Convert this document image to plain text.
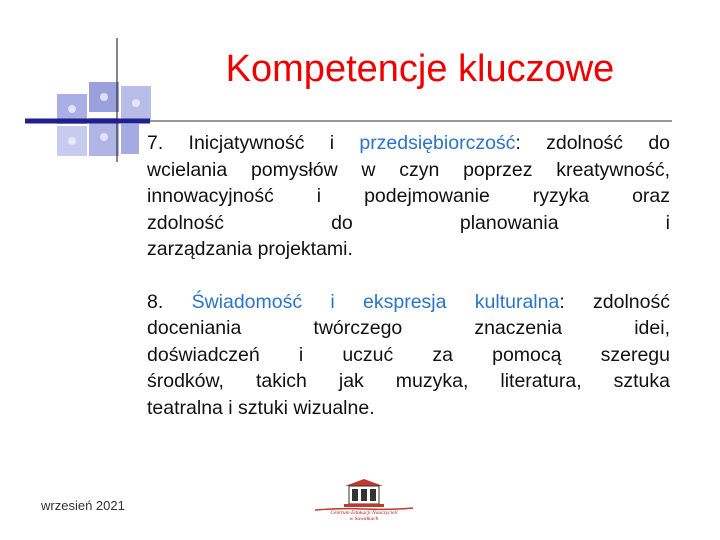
Kompetencje kluczowe

7. Inicjatywność i przedsiębiorczość: zdolność do
wcielania pomysłów w czyn poprzez kreatywność,
innowacyjność i podejmowanie ryzyka oraz
zdolność do planowania i
zarządzania projektami.

8. Świadomość i ekspresja kulturalna: zdolność
doceniania twórczego znaczenia idei,
doświadczeń i uczuć za pomocą szeregu
środków, takich jak muzyka, literatura, sztuka
teatralna i sztuki wizualne.

wrzesień 2021	Centrum Edukacji Nauczycieli
w Suwałkach
